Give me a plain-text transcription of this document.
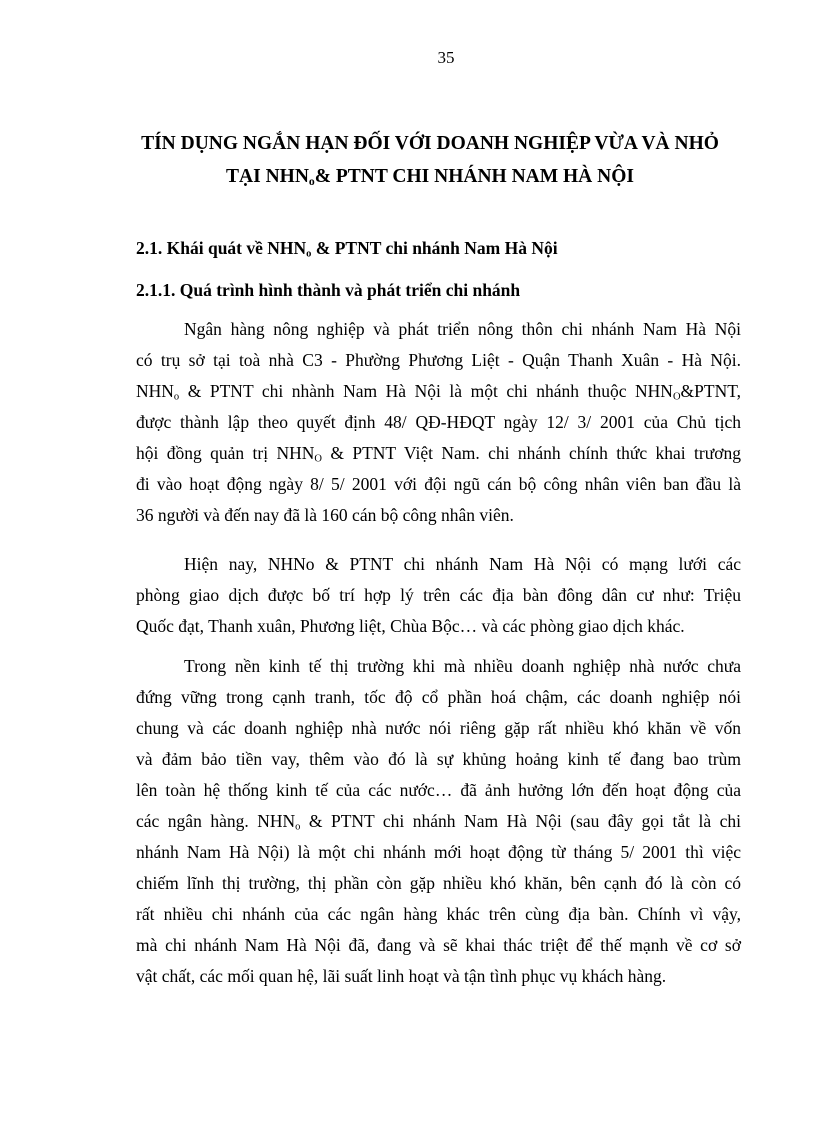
35
TÍN DỤNG NGẮN HẠN ĐỐI VỚI DOANH NGHIỆP VỪA VÀ NHỎ
TẠI $NHN_o\&$ PTNT CHI NHÁNH NAM HÀ NỘI
2.1. Khái quát về $NHN_o$ & PTNT chi nhánh Nam Hà Nội
2.1.1. Quá trình hình thành và phát triển chi nhánh
Ngân hàng nông nghiệp và phát triển nông thôn chi nhánh Nam Hà Nội
có trụ sở tại toà nhà C3 - Phường Phương Liệt - Quận Thanh Xuân - Hà Nội.
$NHN_o$ & PTNT chi nhành Nam Hà Nội là một chi nhánh thuộc $NHN_O\&PTNT$,
được thành lập theo quyết định 48/ QĐ-HĐQT ngày 12/ 3/ 2001 của Chủ tịch
hội đồng quản trị $NHN_O$ & PTNT Việt Nam. chi nhánh chính thức khai trương
đi vào hoạt động ngày 8/ 5/ 2001 với đội ngũ cán bộ công nhân viên ban đầu là
36 người và đến nay đã là 160 cán bộ công nhân viên.
Hiện nay, NHNo & PTNT chi nhánh Nam Hà Nội có mạng lưới các
phòng giao dịch được bố trí hợp lý trên các địa bàn đông dân cư như: Triệu
Quốc đạt, Thanh xuân, Phương liệt, Chùa Bộc… và các phòng giao dịch khác.
Trong nền kinh tế thị trường khi mà nhiều doanh nghiệp nhà nước chưa
đứng vững trong cạnh tranh, tốc độ cổ phần hoá chậm, các doanh nghiệp nói
chung và các doanh nghiệp nhà nước nói riêng gặp rất nhiều khó khăn về vốn
và đảm bảo tiền vay, thêm vào đó là sự khủng hoảng kinh tế đang bao trùm
lên toàn hệ thống kinh tế của các nước… đã ảnh hưởng lớn đến hoạt động của
các ngân hàng. $NHN_o$ & PTNT chi nhánh Nam Hà Nội (sau đây gọi tắt là chi
nhánh Nam Hà Nội) là một chi nhánh mới hoạt động từ tháng 5/ 2001 thì việc
chiếm lĩnh thị trường, thị phần còn gặp nhiều khó khăn, bên cạnh đó là còn có
rất nhiều chi nhánh của các ngân hàng khác trên cùng địa bàn. Chính vì vậy,
mà chi nhánh Nam Hà Nội đã, đang và sẽ khai thác triệt để thế mạnh về cơ sở
vật chất, các mối quan hệ, lãi suất linh hoạt và tận tình phục vụ khách hàng.
